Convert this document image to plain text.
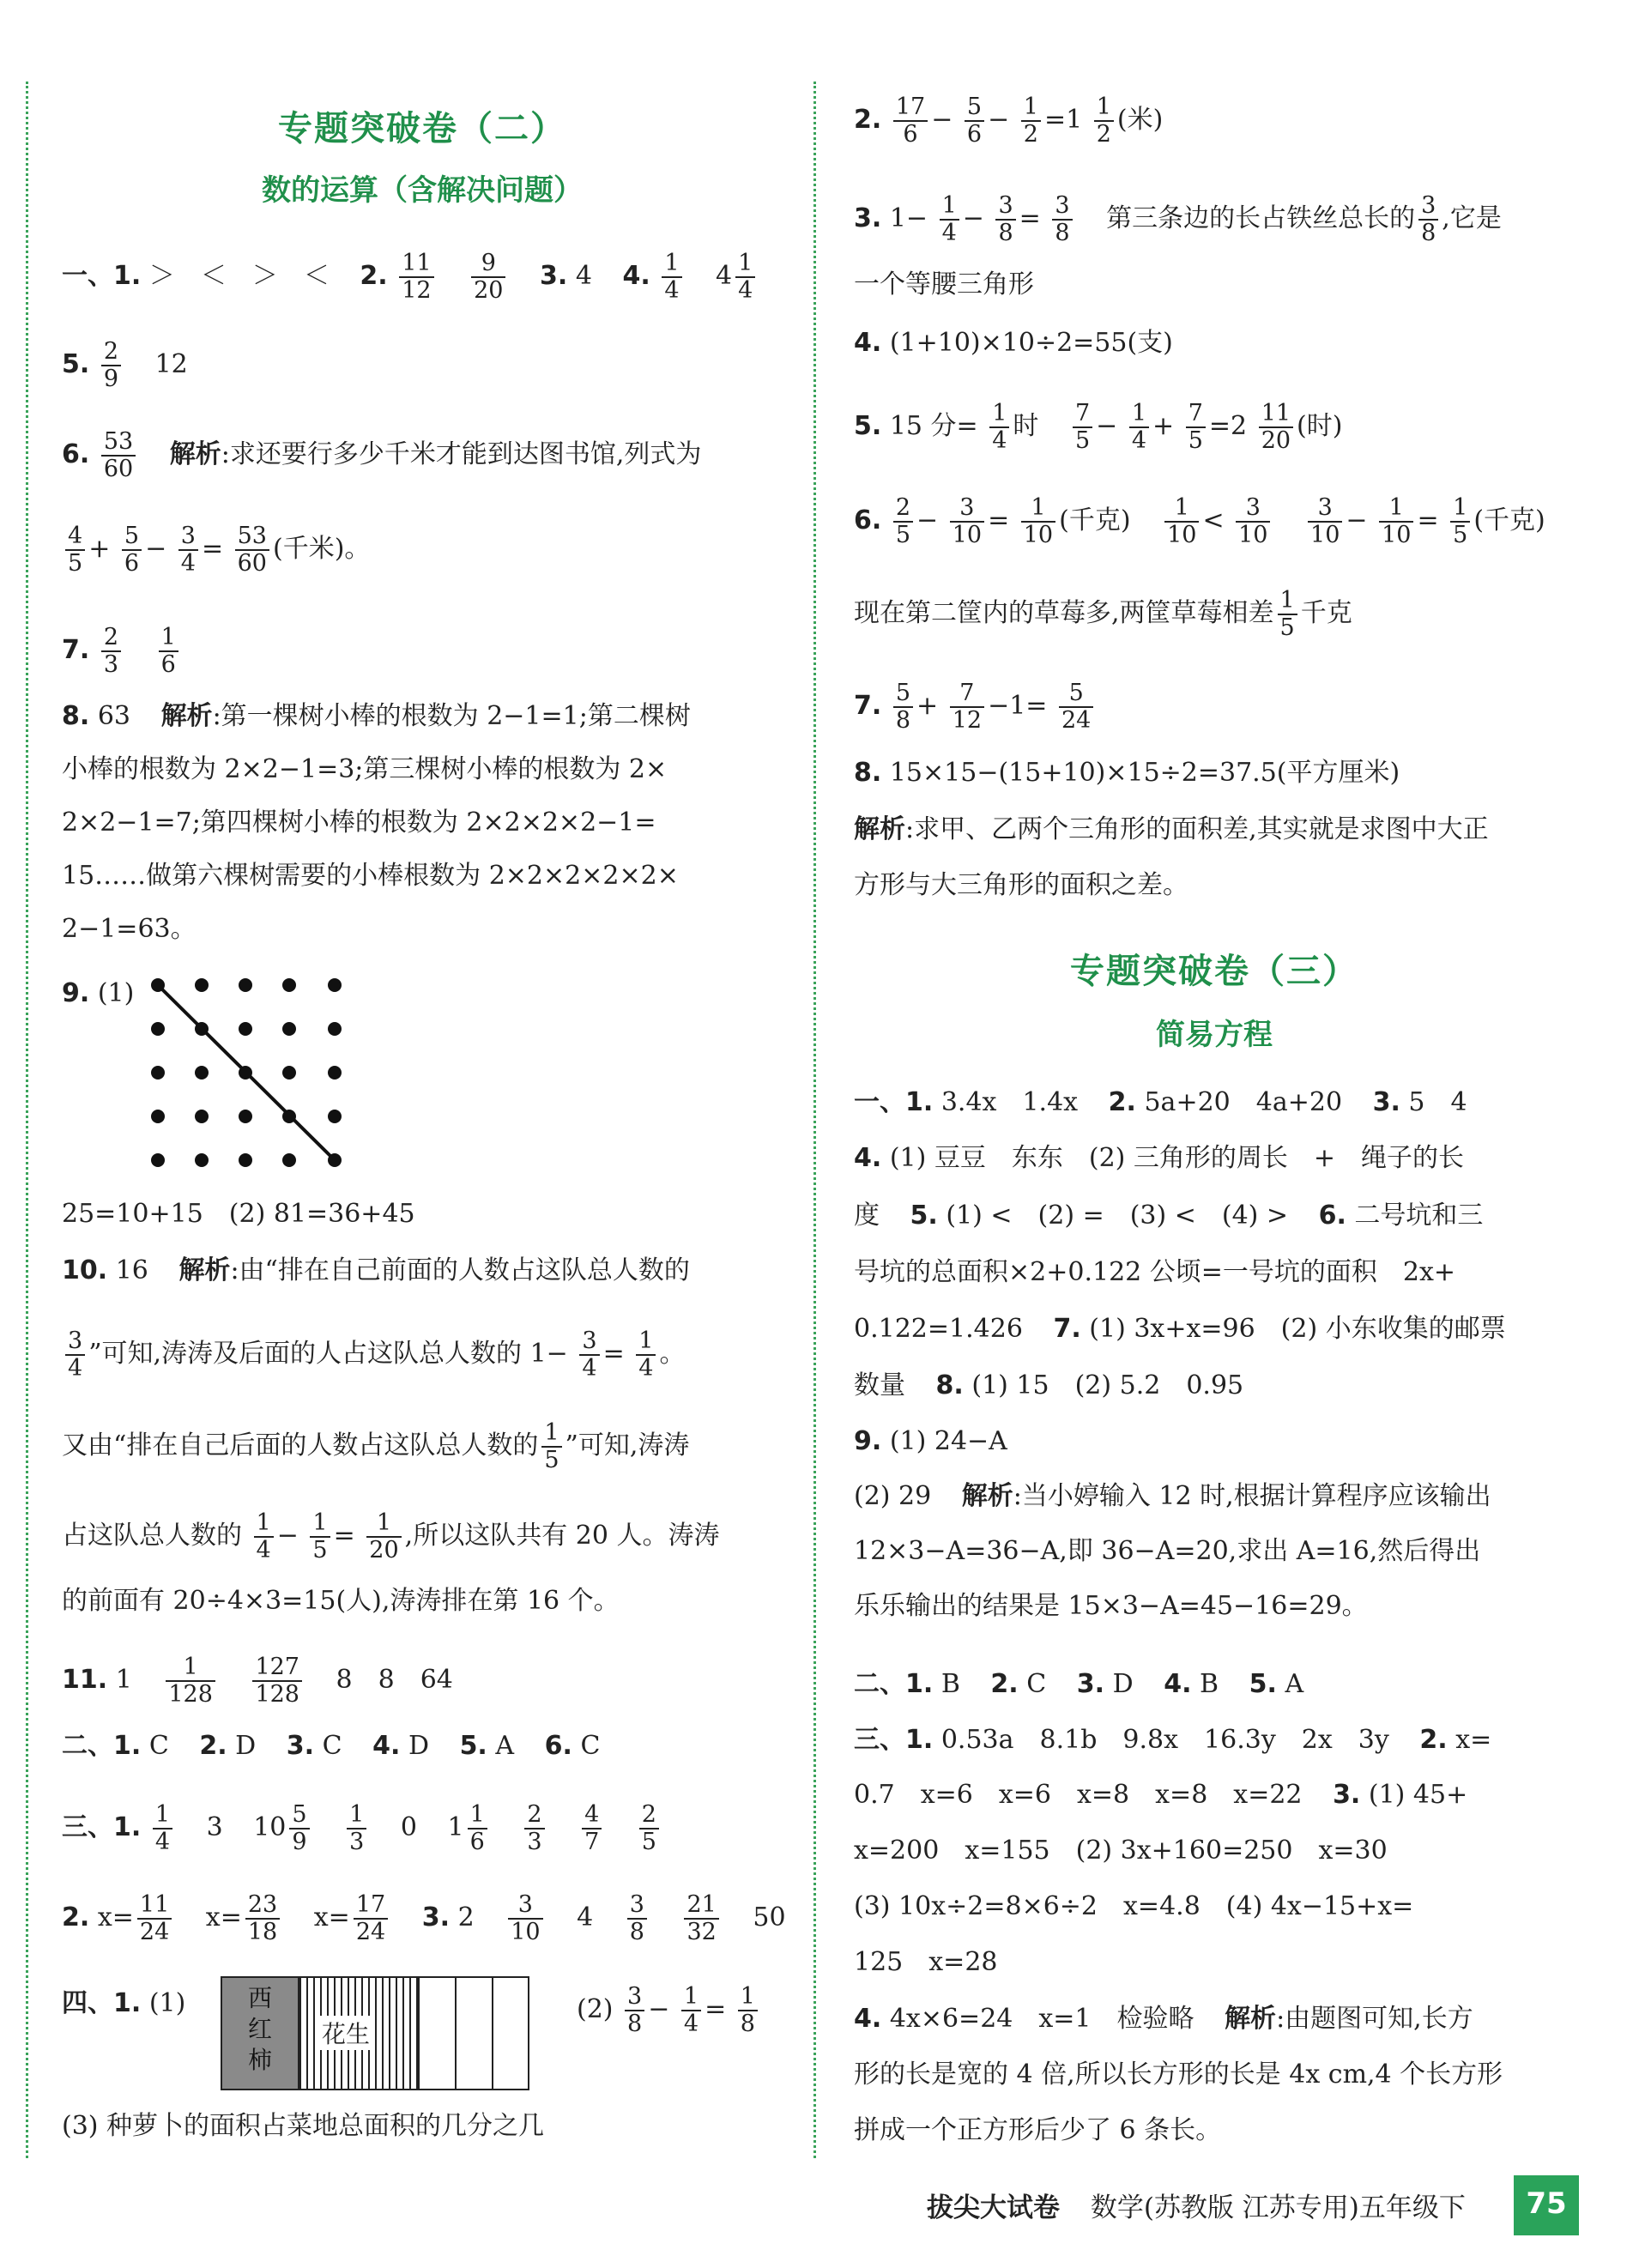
专题突破卷（二）
数的运算（含解决问题）
一、1. ＞　＜　＞　＜ 2. $\frac{11}{12}$
$\frac{9}{20} 3$. 4 4. $\frac{1}{4} 4 \frac{1}{4}$
5. $\frac{2}{9} 12$
6. $\frac{53}{60}$ 解析:求还要行多少千米才能到达图书馆,列式为
$\frac{4}{5} + \frac{5}{6} - \frac{3}{4} = \frac{53}{60}$ (千米)。
7. $\frac{2}{3}$
$\frac{1}{6}$
8. 63 解析:第一棵树小棒的根数为 2−1=1;第二棵树
小棒的根数为 2×2−1=3;第三棵树小棒的根数为 2×
2×2−1=7;第四棵树小棒的根数为 2×2×2×2−1=
15……做第六棵树需要的小棒根数为 2×2×2×2×2×
2−1=63。
9. (1)
25=10+15　(2) 81=36+45
10. 16 解析:由“排在自己前面的人数占这队总人数的
$\frac{3}{4}$ ”可知,涛涛及后面的人占这队总人数的 $1- \frac{3}{4} = \frac{1}{4}$ 。
又由“排在自己后面的人数占这队总人数的 $\frac{1}{5}$ ”可知,涛涛
占这队总人数的 $\frac{1}{4} - \frac{1}{5} = \frac{1}{20}$ ,所以这队共有 20 人。涛涛
的前面有 20÷4×3=15(人),涛涛排在第 16 个。
11. $1 \frac{1}{128}$
$\frac{127}{128} 8$　8　64
二、1. C 2. D 3. C 4. D 5. A 6. C
三、1. $\frac{1}{4} 3$ $10 \frac{5}{9}$
$\frac{1}{3} 0$ $1 \frac{1}{6}$
$\frac{2}{3}$
$\frac{4}{7}$
$\frac{2}{5}$
2. $x= \frac{11}{24} x= \frac{23}{18} x= \frac{17}{24} 3$. $2 \frac{3}{10} 4 \frac{3}{8}$
$\frac{21}{32} 50$
四、1. (1)	西红柿
花生
$(2) \frac{3}{8} - \frac{1}{4} = \frac{1}{8}$
(3) 种萝卜的面积占菜地总面积的几分之几
2. $\frac{17}{6} - \frac{5}{6} - \frac{1}{2} =1 \frac{1}{2}$ (米)
3. $1- \frac{1}{4} - \frac{3}{8} = \frac{3}{8}$ 第三条边的长占铁丝总长的 $\frac{3}{8}$ ,它是
一个等腰三角形
4. (1+10)×10÷2=55(支)
5. 15 分= $\frac{1}{4}$ 时 $\frac{7}{5} - \frac{1}{4} + \frac{7}{5} =2 \frac{11}{20}$ (时)
6. $\frac{2}{5} - \frac{3}{10} = \frac{1}{10}$ (千克) $\frac{1}{10} < \frac{3}{10}$
$\frac{3}{10} - \frac{1}{10} = \frac{1}{5}$ (千克)
现在第二筐内的草莓多,两筐草莓相差 $\frac{1}{5}$ 千克
7. $\frac{5}{8} + \frac{7}{12} -1= \frac{5}{24}$
8. 15×15−(15+10)×15÷2=37.5(平方厘米)
解析:求甲、乙两个三角形的面积差,其实就是求图中大正
方形与大三角形的面积之差。
专题突破卷（三）
简易方程
一、1. 3.4x　1.4x 2. 5a+20　4a+20 3. 5　4
4. (1) 豆豆　东东　(2) 三角形的周长　+　绳子的长
度 5. (1) <　(2) =　(3) <　(4) > 6. 二号坑和三
号坑的总面积×2+0.122 公顷=一号坑的面积　2x+
0.122=1.426 7. (1) 3x+x=96　(2) 小东收集的邮票
数量 8. (1) 15　(2) 5.2　0.95
9. (1) 24−A
(2) 29 解析:当小婷输入 12 时,根据计算程序应该输出
12×3−A=36−A,即 36−A=20,求出 A=16,然后得出
乐乐输出的结果是 15×3−A=45−16=29。
二、1. B 2. C 3. D 4. B 5. A
三、1. 0.53a　8.1b　9.8x　16.3y　2x　3y 2. x=
0.7　x=6　x=6　x=8　x=8　x=22 3. (1) 45+
x=200　x=155　(2) 3x+160=250　x=30
(3) 10x÷2=8×6÷2　x=4.8　(4) 4x−15+x=
125　x=28
4. 4x×6=24　x=1　检验略 解析:由题图可知,长方
形的长是宽的 4 倍,所以长方形的长是 4x cm,4 个长方形
拼成一个正方形后少了 6 条长。
拔尖大试卷 数学(苏教版 江苏专用)五年级下	75
